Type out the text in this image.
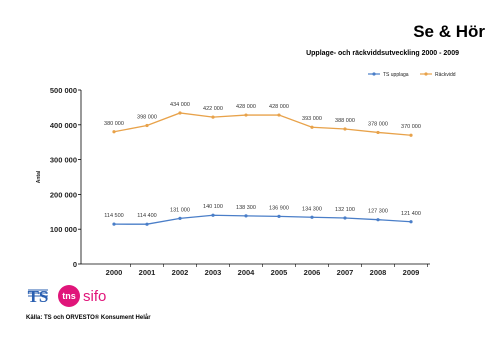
Se & Hör
Upplage- och räckviddsutveckling 2000 - 2009
0
100 000
200 000
300 000
400 000
500 000
2000 2001 2002 2003 2004 2005 2006 2007 2008 2009
Antal
114 500 114 400
131 000
140 100 138 300 136 900 134 300 132 100 127 300 121 400
380 000
398 000
434 000
422 000 428 000 428 000
393 000 388 000
378 000 370 000
TS upplaga	Räckvidd
TS tns sifo
Källa: TS och ORVESTO® Konsument Helår
